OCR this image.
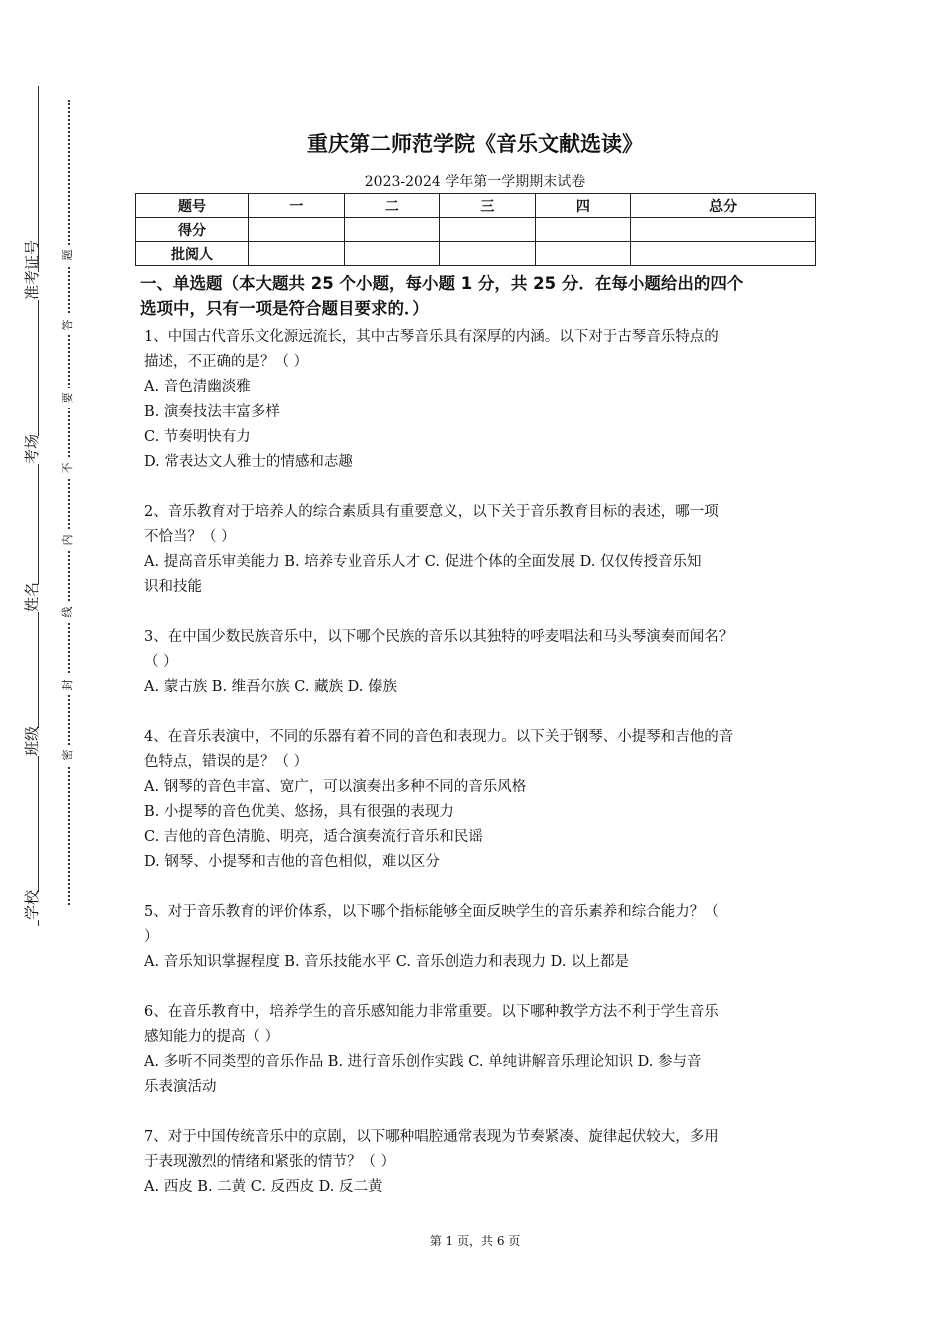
准考证号
考场
姓名
班级
学校
题
答
要
不
内
线
封
密
重庆第二师范学院《音乐文献选读》
2023-2024 学年第一学期期末试卷
题号	一	二	三	四	总分
得分					
批阅人					
一、单选题（本大题共 25 个小题，每小题 1 分，共 25 分．在每小题给出的四个
选项中，只有一项是符合题目要求的．）

1、中国古代音乐文化源远流长，其中古琴音乐具有深厚的内涵。以下对于古琴音乐特点的

描述，不正确的是？（ ）

A. 音色清幽淡雅

B. 演奏技法丰富多样

C. 节奏明快有力

D. 常表达文人雅士的情感和志趣

2、音乐教育对于培养人的综合素质具有重要意义，以下关于音乐教育目标的表述，哪一项

不恰当？（ ）

A. 提高音乐审美能力 B. 培养专业音乐人才 C. 促进个体的全面发展 D. 仅仅传授音乐知

识和技能

3、在中国少数民族音乐中，以下哪个民族的音乐以其独特的呼麦唱法和马头琴演奏而闻名？

（ ）

A. 蒙古族 B. 维吾尔族 C. 藏族 D. 傣族

4、在音乐表演中，不同的乐器有着不同的音色和表现力。以下关于钢琴、小提琴和吉他的音

色特点，错误的是？（ ）

A. 钢琴的音色丰富、宽广，可以演奏出多种不同的音乐风格

B. 小提琴的音色优美、悠扬，具有很强的表现力

C. 吉他的音色清脆、明亮，适合演奏流行音乐和民谣

D. 钢琴、小提琴和吉他的音色相似，难以区分

5、对于音乐教育的评价体系，以下哪个指标能够全面反映学生的音乐素养和综合能力？（

）

A. 音乐知识掌握程度 B. 音乐技能水平 C. 音乐创造力和表现力 D. 以上都是

6、在音乐教育中，培养学生的音乐感知能力非常重要。以下哪种教学方法不利于学生音乐

感知能力的提高（ ）

A. 多听不同类型的音乐作品 B. 进行音乐创作实践 C. 单纯讲解音乐理论知识 D. 参与音

乐表演活动

7、对于中国传统音乐中的京剧，以下哪种唱腔通常表现为节奏紧凑、旋律起伏较大，多用

于表现激烈的情绪和紧张的情节？（ ）

A. 西皮 B. 二黄 C. 反西皮 D. 反二黄

第 1 页，共 6 页
